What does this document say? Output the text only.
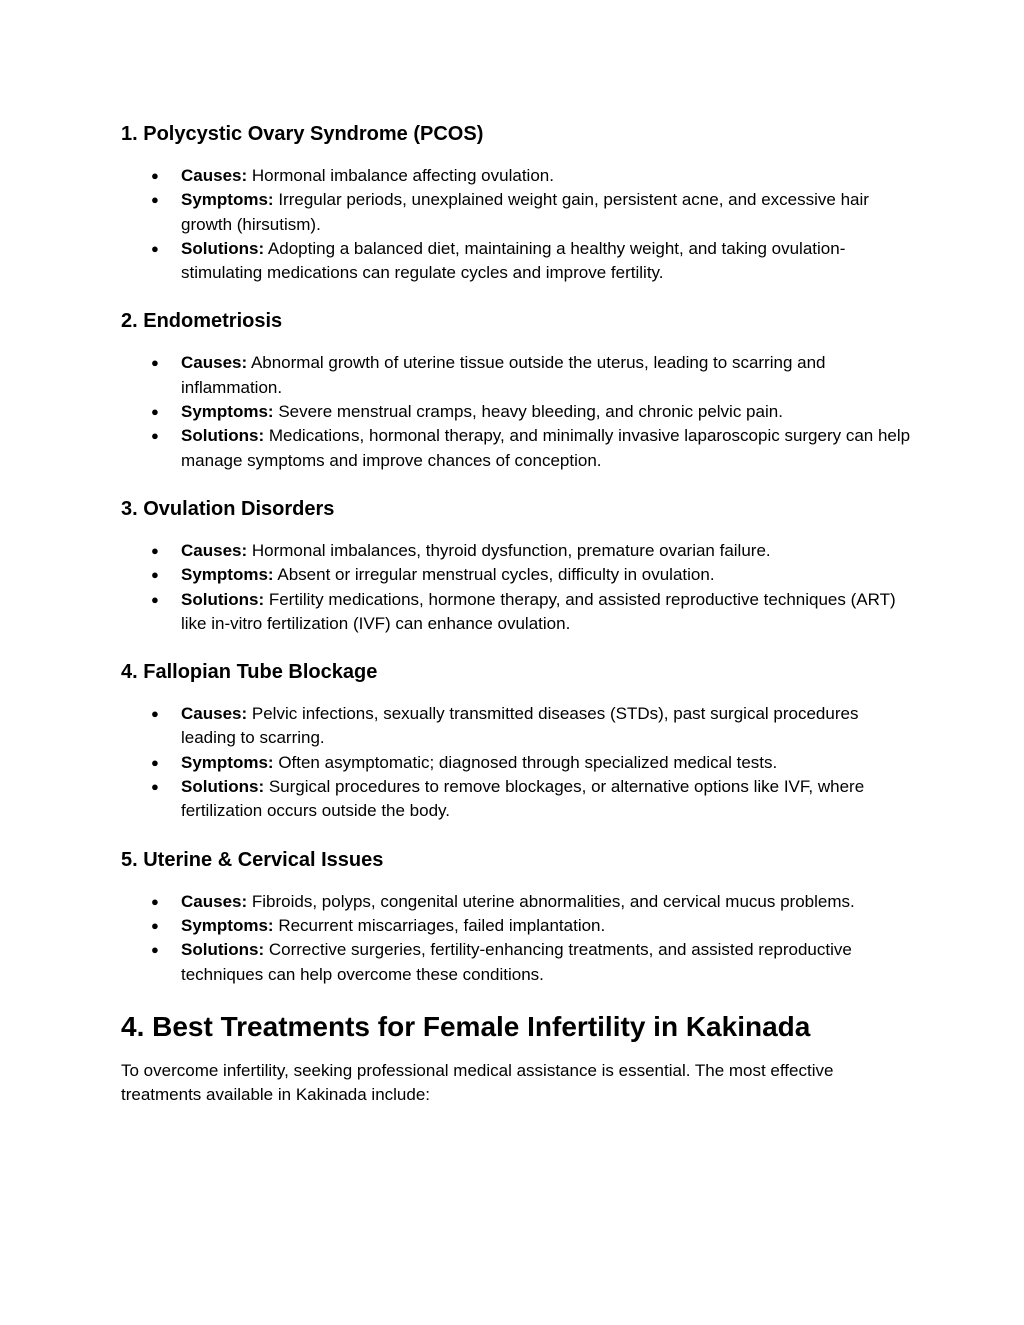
1. Polycystic Ovary Syndrome (PCOS)
● Causes: Hormonal imbalance affecting ovulation.
● Symptoms: Irregular periods, unexplained weight gain, persistent acne, and excessive hair growth (hirsutism).
● Solutions: Adopting a balanced diet, maintaining a healthy weight, and taking ovulation-stimulating medications can regulate cycles and improve fertility.
2. Endometriosis
● Causes: Abnormal growth of uterine tissue outside the uterus, leading to scarring and inflammation.
● Symptoms: Severe menstrual cramps, heavy bleeding, and chronic pelvic pain.
● Solutions: Medications, hormonal therapy, and minimally invasive laparoscopic surgery can help manage symptoms and improve chances of conception.
3. Ovulation Disorders
● Causes: Hormonal imbalances, thyroid dysfunction, premature ovarian failure.
● Symptoms: Absent or irregular menstrual cycles, difficulty in ovulation.
● Solutions: Fertility medications, hormone therapy, and assisted reproductive techniques (ART) like in-vitro fertilization (IVF) can enhance ovulation.
4. Fallopian Tube Blockage
● Causes: Pelvic infections, sexually transmitted diseases (STDs), past surgical procedures leading to scarring.
● Symptoms: Often asymptomatic; diagnosed through specialized medical tests.
● Solutions: Surgical procedures to remove blockages, or alternative options like IVF, where fertilization occurs outside the body.
5. Uterine & Cervical Issues
● Causes: Fibroids, polyps, congenital uterine abnormalities, and cervical mucus problems.
● Symptoms: Recurrent miscarriages, failed implantation.
● Solutions: Corrective surgeries, fertility-enhancing treatments, and assisted reproductive techniques can help overcome these conditions.
4. Best Treatments for Female Infertility in Kakinada

To overcome infertility, seeking professional medical assistance is essential. The most effective treatments available in Kakinada include:
